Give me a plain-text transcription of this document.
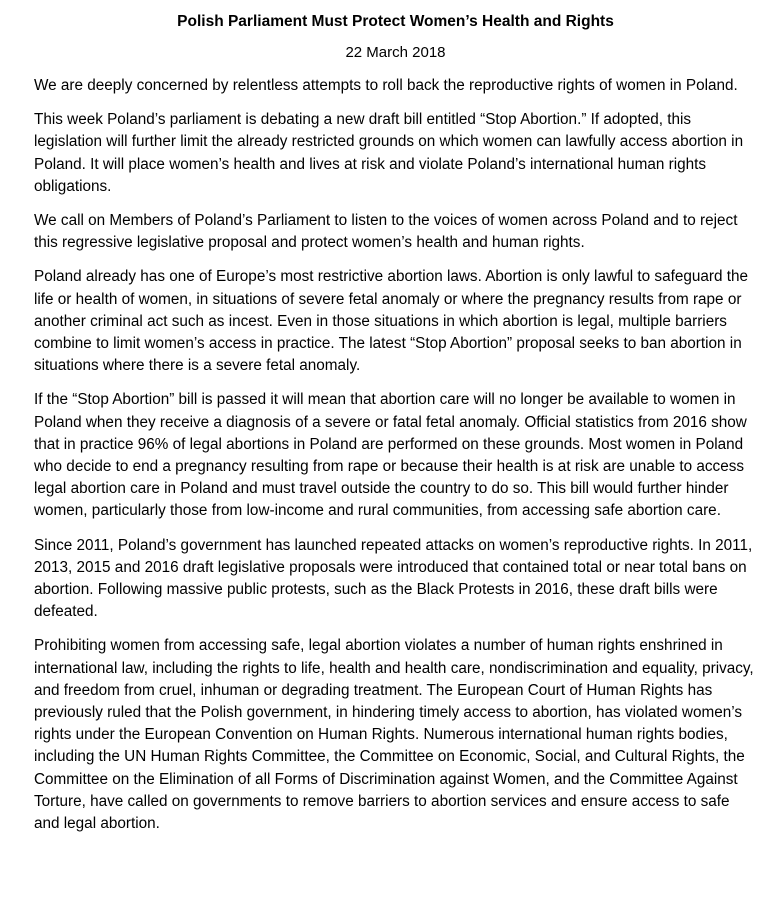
Polish Parliament Must Protect Women’s Health and Rights
22 March 2018

We are deeply concerned by relentless attempts to roll back the reproductive rights of women in Poland.

This week Poland’s parliament is debating a new draft bill entitled “Stop Abortion.” If adopted, this legislation will further limit the already restricted grounds on which women can lawfully access abortion in Poland. It will place women’s health and lives at risk and violate Poland’s international human rights obligations.

We call on Members of Poland’s Parliament to listen to the voices of women across Poland and to reject this regressive legislative proposal and protect women’s health and human rights.

Poland already has one of Europe’s most restrictive abortion laws. Abortion is only lawful to safeguard the life or health of women, in situations of severe fetal anomaly or where the pregnancy results from rape or another criminal act such as incest. Even in those situations in which abortion is legal, multiple barriers combine to limit women’s access in practice. The latest “Stop Abortion” proposal seeks to ban abortion in situations where there is a severe fetal anomaly.

If the “Stop Abortion” bill is passed it will mean that abortion care will no longer be available to women in Poland when they receive a diagnosis of a severe or fatal fetal anomaly. Official statistics from 2016 show that in practice 96% of legal abortions in Poland are performed on these grounds. Most women in Poland who decide to end a pregnancy resulting from rape or because their health is at risk are unable to access legal abortion care in Poland and must travel outside the country to do so. This bill would further hinder women, particularly those from low-income and rural communities, from accessing safe abortion care.

Since 2011, Poland’s government has launched repeated attacks on women’s reproductive rights. In 2011, 2013, 2015 and 2016 draft legislative proposals were introduced that contained total or near total bans on abortion. Following massive public protests, such as the Black Protests in 2016, these draft bills were defeated.

Prohibiting women from accessing safe, legal abortion violates a number of human rights enshrined in international law, including the rights to life, health and health care, nondiscrimination and equality, privacy, and freedom from cruel, inhuman or degrading treatment. The European Court of Human Rights has previously ruled that the Polish government, in hindering timely access to abortion, has violated women’s rights under the European Convention on Human Rights. Numerous international human rights bodies, including the UN Human Rights Committee, the Committee on Economic, Social, and Cultural Rights, the Committee on the Elimination of all Forms of Discrimination against Women, and the Committee Against Torture, have called on governments to remove barriers to abortion services and ensure access to safe and legal abortion.
